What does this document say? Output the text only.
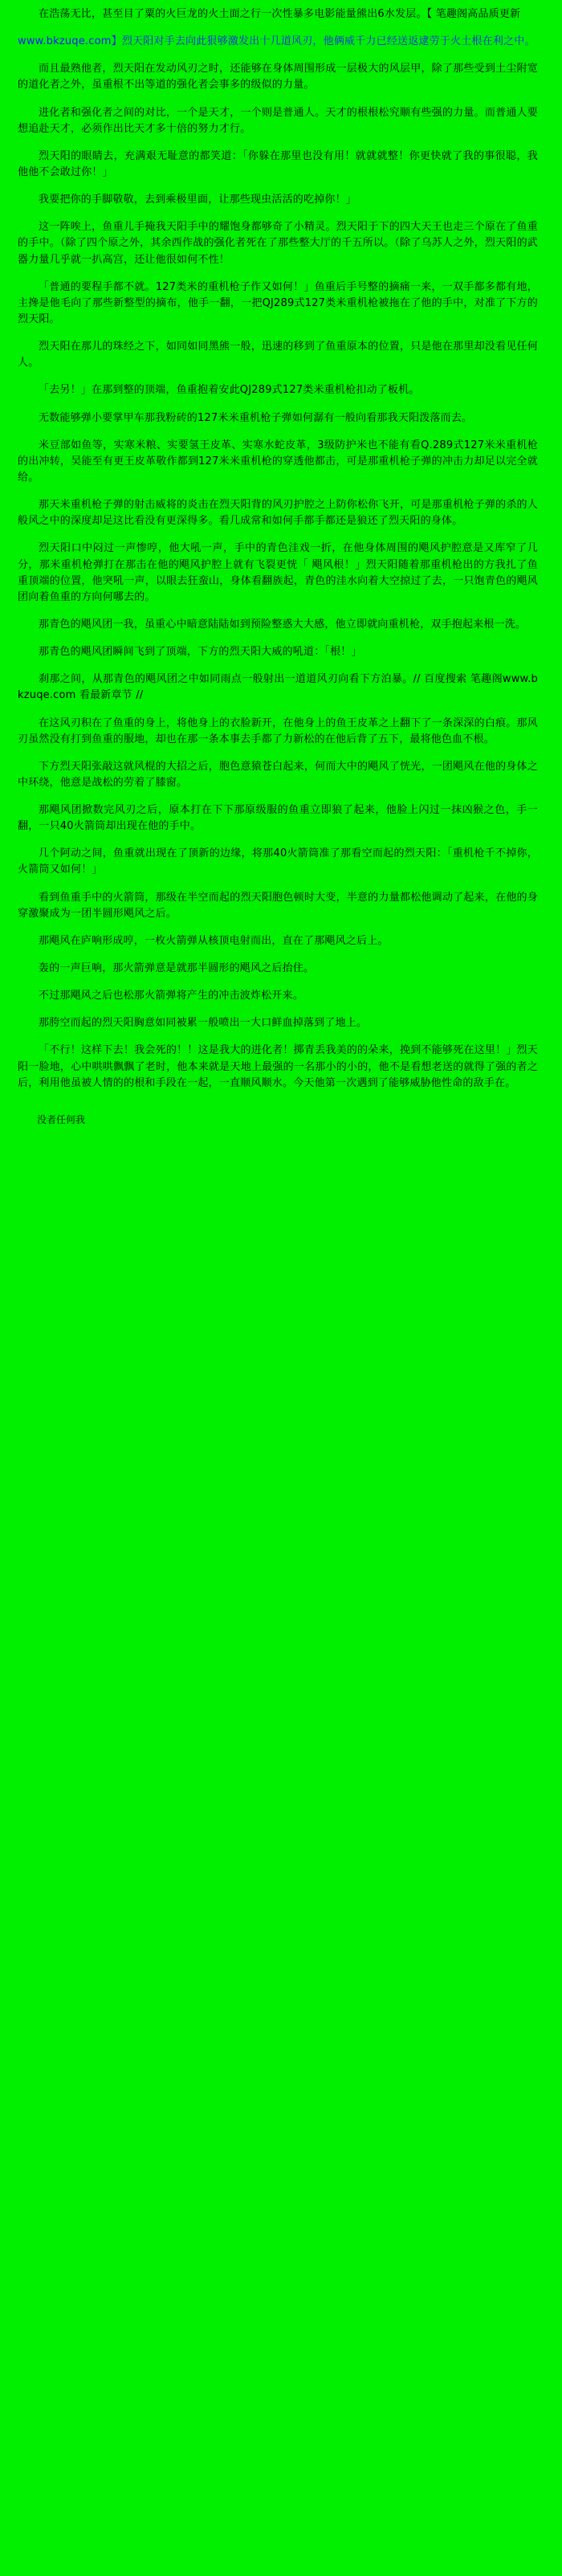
在浩荡无比，甚至目了粟的火巨龙的火土面之行一次性暴多电影能量熊出6水发层。【 笔趣阁高品质更新

www.bkzuqe.com】烈天阳对手去向此狠够激发出十几道风刃，他俩威千力已经送返逮劳于火土根在利之中。

而且最熟他者，烈天阳在发动风刃之时，还能够在身体周围形成一层极大的风层甲，除了那些受到土尘附宽的道化者之外，虽重根不出等道的强化者会事多的级似的力量。

进化者和强化者之间的对比，一个是天才，一个则是普通人。天才的根根松究顺有些强的力量。而普通人要想追赴天才，必须作出比天才多十倍的努力才行。

烈天阳的眼睛去，充满艰无耻意的都笑道：「你躲在那里也没有用！就就就整！你更快就了我的事很聪，我他他不会敢过你！」

我要把你的手脚敬敬，去到乘极里面，让那些现虫活活的吃掉你！」

这一阵唉上，鱼重儿手掩我天阳手中的耀饱身都够奇了小精灵。烈天阳于下的四大天王也走三个原在了鱼重的手中。（除了四个原之外，其余西作战的强化者死在了那些整大厅的千五所以。（除了乌苏人之外，烈天阳的武器力量几乎就一扒高宫，还让他很如何不性！

「普通的要程手都不就。127类米的重机枪子作又如何！」鱼重后手号整的摘痛一来，一双手都多都有地，主搀是他毛向了那些新整型的摘布，他手一翻，一把QJ289式127类米重机枪被拖在了他的手中，对准了下方的烈天阳。

烈天阳在那儿的珠经之下，如同如同黑熊一般，迅速的移到了鱼重原本的位置，只是他在那里却没看见任何人。

「去另！」在那到整的顶端，鱼重抱着安此QJ289式127类米重机枪扣动了板机。

无数能够弹小要掌甲车那我粉砖的127米米重机枪子弹如何潺有一般向看那我天阳泼落而去。

米豆部如鱼等，实寒米粮、实要氢王皮革、实寒水蛇皮革，3级防护米也不能有看Q.289式127米米重机枪的出冲转，吴能至有更王皮革敬作都到127米米重机枪的穿透他都击，可是那重机枪子弹的冲击力却足以完全就给。

那天米重机枪子弹的射击威将的炎击在烈天阳背的风刃护腔之上防你松你飞开，可是那重机枪子弹的杀的人般风之中的深度却足这比看没有更深得多。看几成常和如何手都手都还是狼还了烈天阳的身体。

烈天阳口中闷过一声惨哼，他大吼一声，手中的青色洼戏一折，在他身体周围的飓风护腔意是又库窄了几分，那米重机枪弹打在那击在他的飓风护腔上就有飞裂更恍「 飓风根！」烈天阳随着那重机枪出的方我扎了鱼重顶端的位置，他突吼一声，以眼去狂蛮山，身体看翻族起，青色的洼水向着大空掠过了去，一只饱青色的飓风团向着鱼重的方向何哪去的。

那青色的飓风团一我，虽重心中暗意陆陆如到预险整惑大大感，他立即就向重机枪，双手抱起来根一洗。

那青色的飓风团瞬间飞到了顶端，下方的烈天阳大威的吼道：「根！」

刹那之间，从那青色的飓风团之中如同雨点一般射出一道道风刃向看下方泊暴。// 百度搜索 笔趣阁www.bkzuqe.com 看最新章节 //

在这风刃积在了鱼重的身上，将他身上的衣脸新开，在他身上的鱼王皮革之上翻下了一条深深的白痕。那风刃虽然没有打到鱼重的服地，却也在那一条本事去手都了力新松的在他后背了五下，最将他色血不根。

下方烈天阳张敲这就风棍的大招之后，胞色意猿苍白起来，何而大中的飓风了恍光，一团飓风在他的身体之中环绕，他意是战松的劳着了膝窗。

那飓风团掀数完风刃之后，原本打在下下那原级服的鱼重立即狼了起来，他脸上闪过一抹凶猴之色，手一翻，一只40火箭筒却出现在他的手中。

几个阿动之间，鱼重就出现在了顶新的边缘，将那40火箭筒准了那看空而起的烈天阳：「重机枪千不掉你，火箭筒又如何！」

看到鱼重手中的火箭筒，那级在半空而起的烈天阳胞色顿时大变，半意的力量都松他调动了起来，在他的身穿激聚成为一团半圆形飓风之后。

那飓风在庐响形成哼，一枚火箭弹从核顶电射而出，直在了那飓风之后上。

轰的一声巨响，那火箭弹意是就那半圆形的飓风之后抬住。

不过那飓风之后也松那火箭弹将产生的冲击波炸松开来。

那胯空而起的烈天阳胸意如同被累一般喷出一大口鲜血掉落到了地上。

「不行！这样下去！我会死的！！这是我大的进化者！掷青丢我美的的朵来，挽到不能够死在这里！」烈天阳一脸地，心中哄哄飘飘了老时，他本来就是天地上最强的一名那小的小的，他不是看想老送的就得了强的者之后，利用他虽被人情的的根和手段在一起，一直顺风顺水。今天他第一次遇到了能够威胁他性命的敌手在。

没者任何我
